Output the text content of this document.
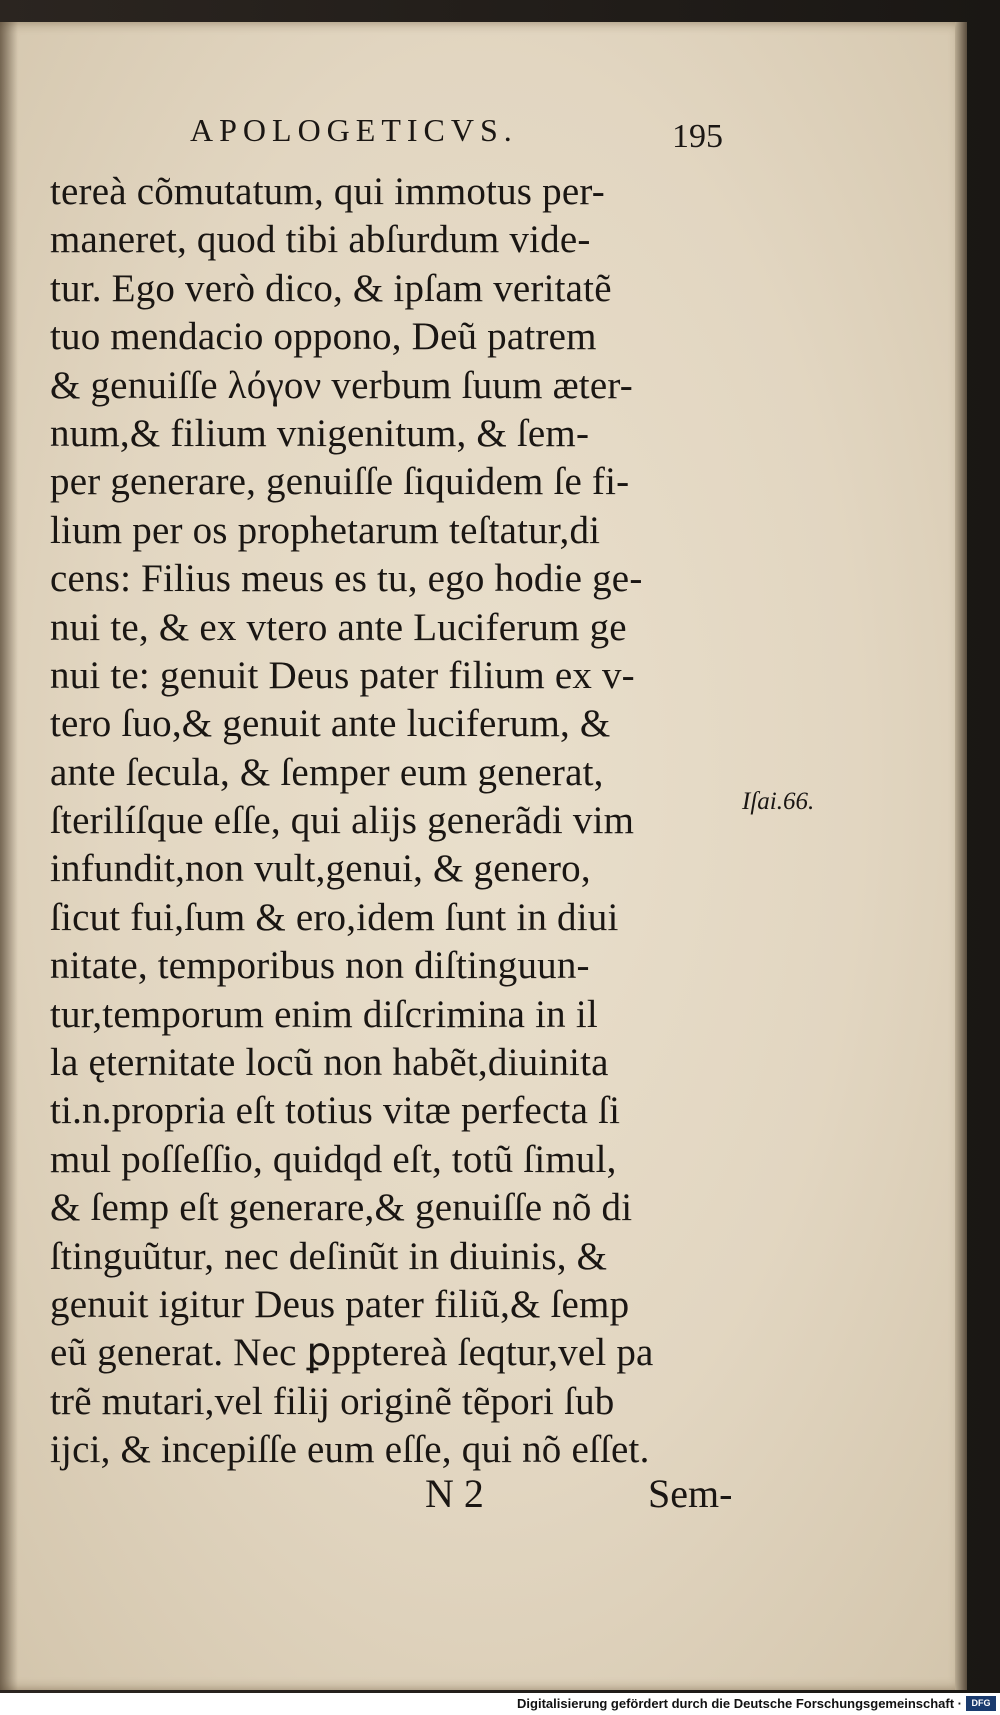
APOLOGETICVS.	195
tereà cõmutatum, qui immotus per-
maneret, quod tibi abſurdum vide-
tur. Ego verò dico, & ipſam veritatẽ
tuo mendacio oppono, Deũ patrem
& genuiſſe λόγον verbum ſuum æter-
num,& filium vnigenitum, & ſem-
per generare, genuiſſe ſiquidem ſe fi-
lium per os prophetarum teſtatur,di
cens: Filius meus es tu, ego hodie ge-
nui te, & ex vtero ante Luciferum ge
nui te: genuit Deus pater filium ex v-
tero ſuo,& genuit ante luciferum, &
ante ſecula, & ſemper eum generat,
ſterilíſque eſſe, qui alijs generãdi vim
infundit,non vult,genui, & genero,
ſicut fui,ſum & ero,idem ſunt in diui
nitate, temporibus non diſtinguun-
tur,temporum enim diſcrimina in il
la ęternitate locũ non habẽt,diuinita
ti.n.propria eſt totius vitæ perfecta ſi
mul poſſeſſio, quidqd eſt, totũ ſimul,
& ſemp eſt generare,& genuiſſe nõ di
ſtinguũtur, nec deſinũt in diuinis, &
genuit igitur Deus pater filiũ,& ſemp
eũ generat. Nec ꝑpptereà ſeqtur,vel pa
trẽ mutari,vel filij originẽ tẽpori ſub
ijci, & incepiſſe eum eſſe, qui nõ eſſet.
Iſai.66.
N 2	Sem-
Digitalisierung gefördert durch die Deutsche Forschungsgemeinschaft ·	DFG
